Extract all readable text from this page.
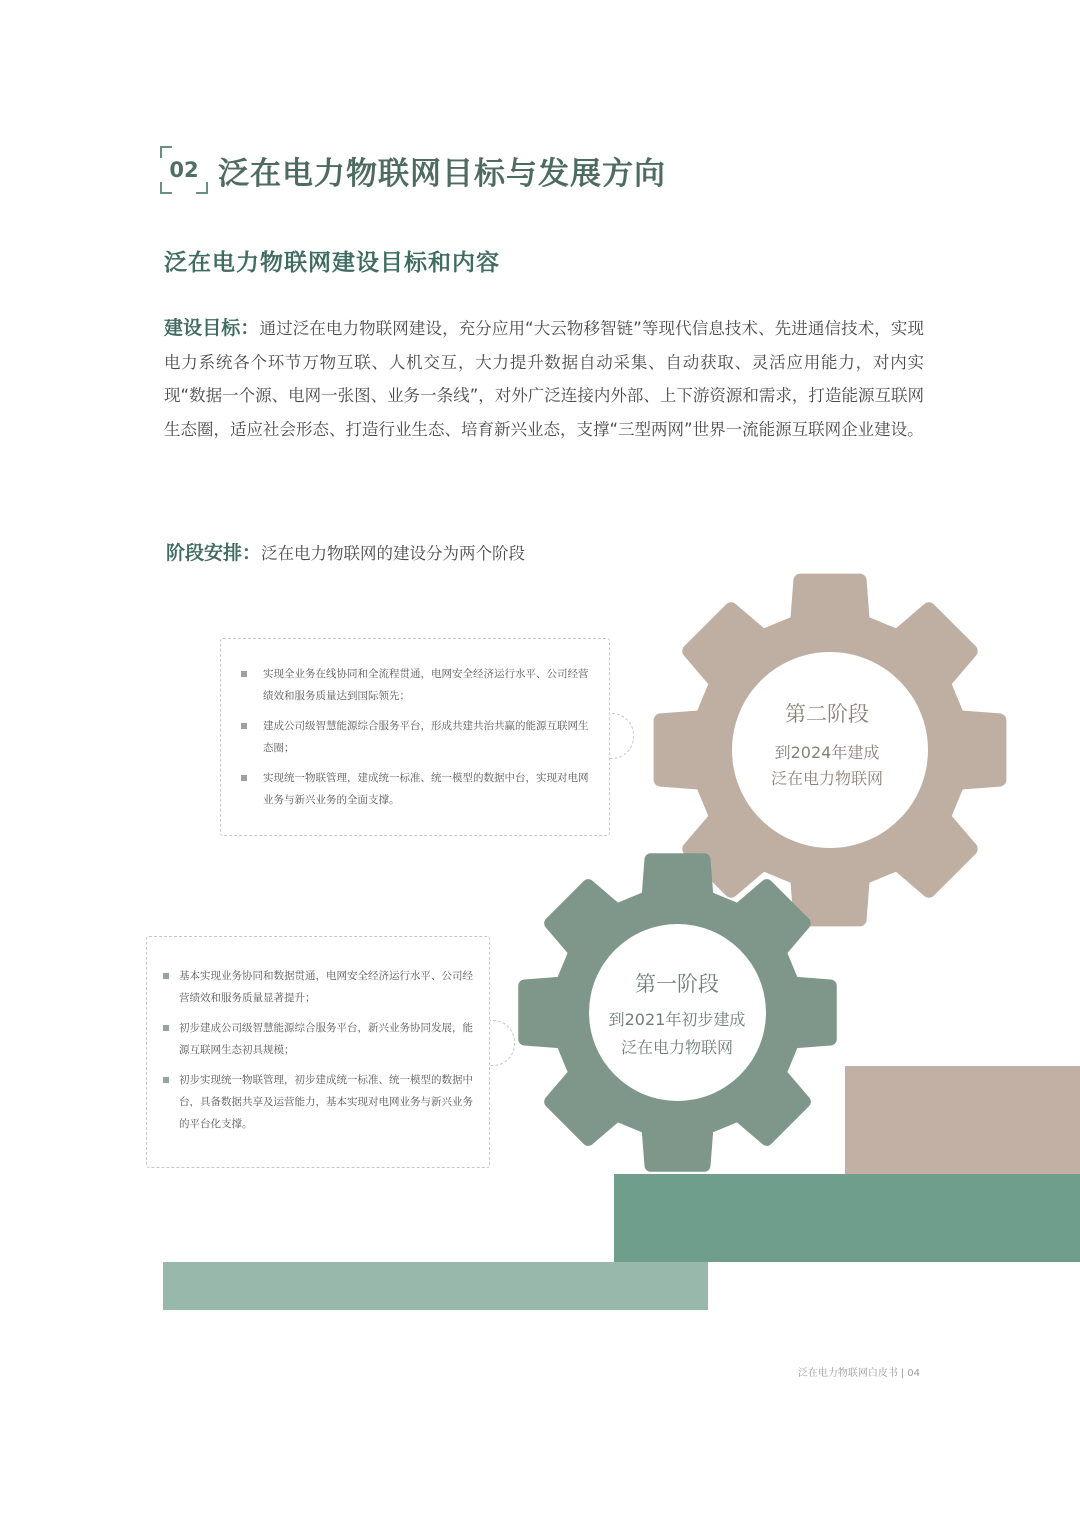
02 泛在电力物联网目标与发展方向
泛在电力物联网建设目标和内容
建设目标：通过泛在电力物联网建设，充分应用“大云物移智链”等现代信息技术、先进通信技术，实现电力系统各个环节万物互联、人机交互，大力提升数据自动采集、自动获取、灵活应用能力，对内实现“数据一个源、电网一张图、业务一条线”，对外广泛连接内外部、上下游资源和需求，打造能源互联网生态圈，适应社会形态、打造行业生态、培育新兴业态，支撑“三型两网”世界一流能源互联网企业建设。
阶段安排：泛在电力物联网的建设分为两个阶段
第二阶段
到2024年建成
泛在电力物联网
第一阶段
到2021年初步建成
泛在电力物联网
实现全业务在线协同和全流程贯通，电网安全经济运行水平、公司经营绩效和服务质量达到国际领先；
建成公司级智慧能源综合服务平台，形成共建共治共赢的能源互联网生态圈；
实现统一物联管理，建成统一标准、统一模型的数据中台，实现对电网业务与新兴业务的全面支撑。
基本实现业务协同和数据贯通，电网安全经济运行水平、公司经营绩效和服务质量显著提升；
初步建成公司级智慧能源综合服务平台，新兴业务协同发展，能源互联网生态初具规模；
初步实现统一物联管理，初步建成统一标准、统一模型的数据中台，具备数据共享及运营能力，基本实现对电网业务与新兴业务的平台化支撑。
泛在电力物联网白皮书 | 04
